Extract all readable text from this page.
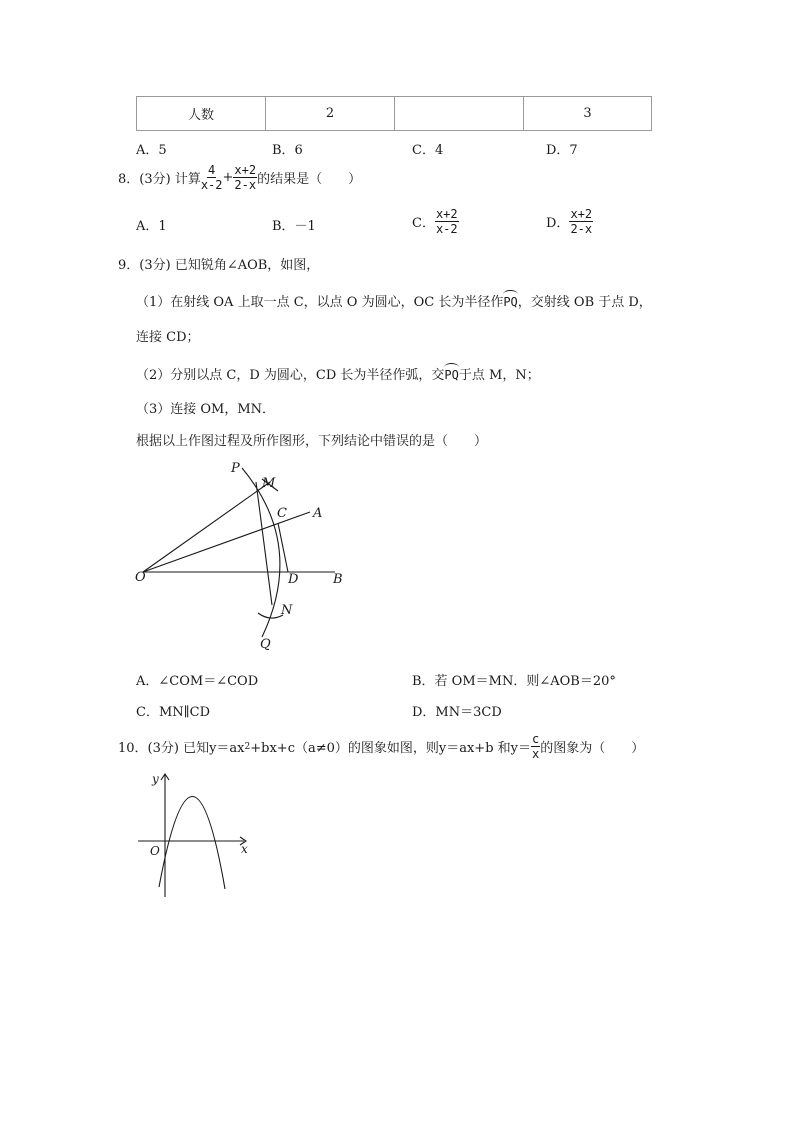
人数	2		3
A．5	B．6	C．4	D．7
8．(3分) 计算 $\frac{4}{x-2} + \frac{x+2}{2-x}$ 的结果是（　　）
A．1	B．－1	C． $\frac{x+2}{x-2}$	D． $\frac{x+2}{2-x}$
9．(3分) 已知锐角∠AOB，如图，
（1）在射线 OA 上取一点 C，以点 O 为圆心，OC 长为半径作PQ，交射线 OB 于点 D，
连接 CD；
（2）分别以点 C，D 为圆心，CD 长为半径作弧，交PQ于点 M，N；
（3）连接 OM，MN．
根据以上作图过程及所作图形，下列结论中错误的是（　　）
P
M
C A
O	D	B
N
Q
A．∠COM＝∠COD	B．若 OM＝MN．则∠AOB＝20°
C．MN∥CD	D．MN＝3CD
10．(3分) 已知y＝ax 2 +bx+c（a≠0）的图象如图，则y＝ax+b 和$y= \frac{c}{x}$ 的图象为（　　）
y
x
O
